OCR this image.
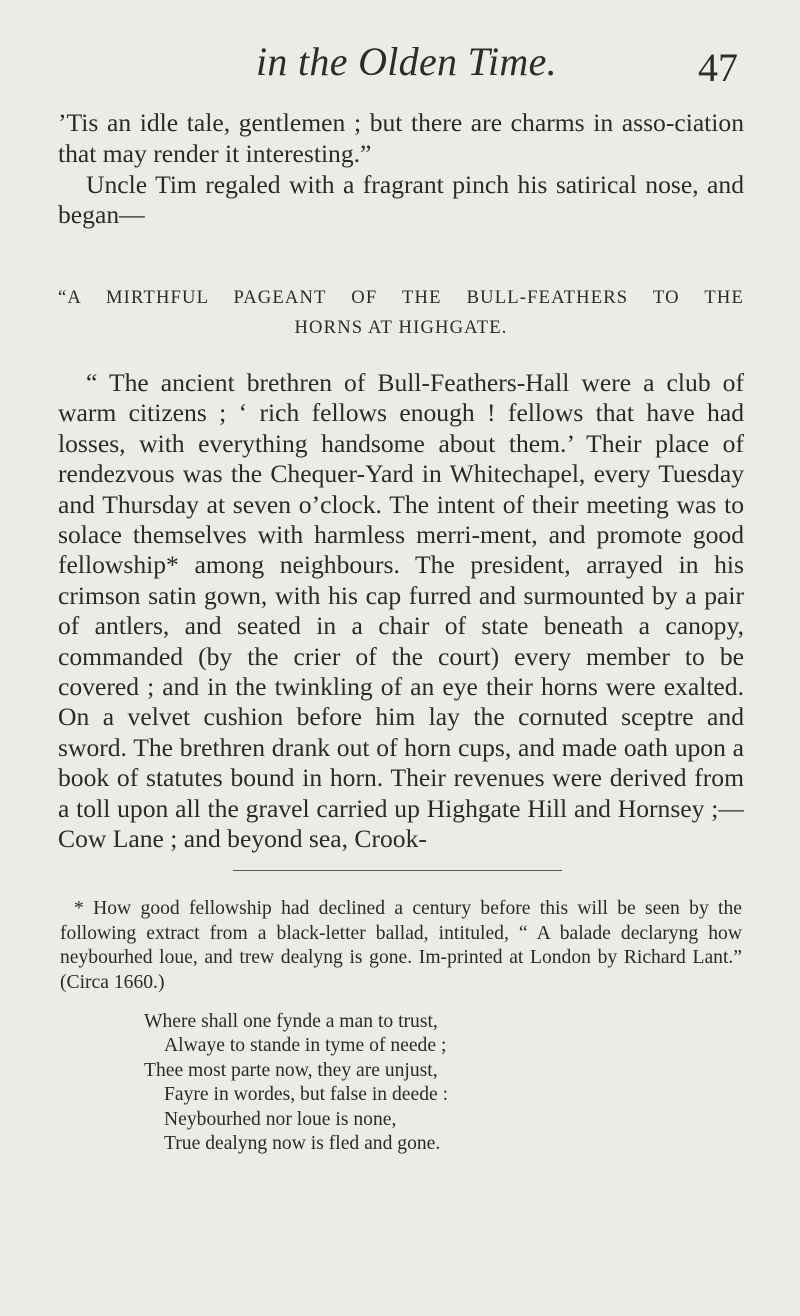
in the Olden Time.	47

’Tis an idle tale, gentlemen ; but there are charms in asso-ciation that may render it interesting.”

Uncle Tim regaled with a fragrant pinch his satirical nose, and began—

“A MIRTHFUL PAGEANT OF THE BULL-FEATHERS TO THE
HORNS AT HIGHGATE.

“ The ancient brethren of Bull-Feathers-Hall were a club of warm citizens ; ‘ rich fellows enough ! fellows that have had losses, with everything handsome about them.’ Their place of rendezvous was the Chequer-Yard in Whitechapel, every Tuesday and Thursday at seven o’clock. The intent of their meeting was to solace themselves with harmless merri-ment, and promote good fellowship* among neighbours. The president, arrayed in his crimson satin gown, with his cap furred and surmounted by a pair of antlers, and seated in a chair of state beneath a canopy, commanded (by the crier of the court) every member to be covered ; and in the twinkling of an eye their horns were exalted. On a velvet cushion before him lay the cornuted sceptre and sword. The brethren drank out of horn cups, and made oath upon a book of statutes bound in horn. Their revenues were derived from a toll upon all the gravel carried up Highgate Hill and Hornsey ;—Cow Lane ; and beyond sea, Crook-

* How good fellowship had declined a century before this will be seen by the following extract from a black-letter ballad, intituled, “ A balade declaryng how neybourhed loue, and trew dealyng is gone. Im-printed at London by Richard Lant.” (Circa 1660.)

Where shall one fynde a man to trust,
Alwaye to stande in tyme of neede ;
Thee most parte now, they are unjust,
Fayre in wordes, but false in deede :
Neybourhed nor loue is none,
True dealyng now is fled and gone.
